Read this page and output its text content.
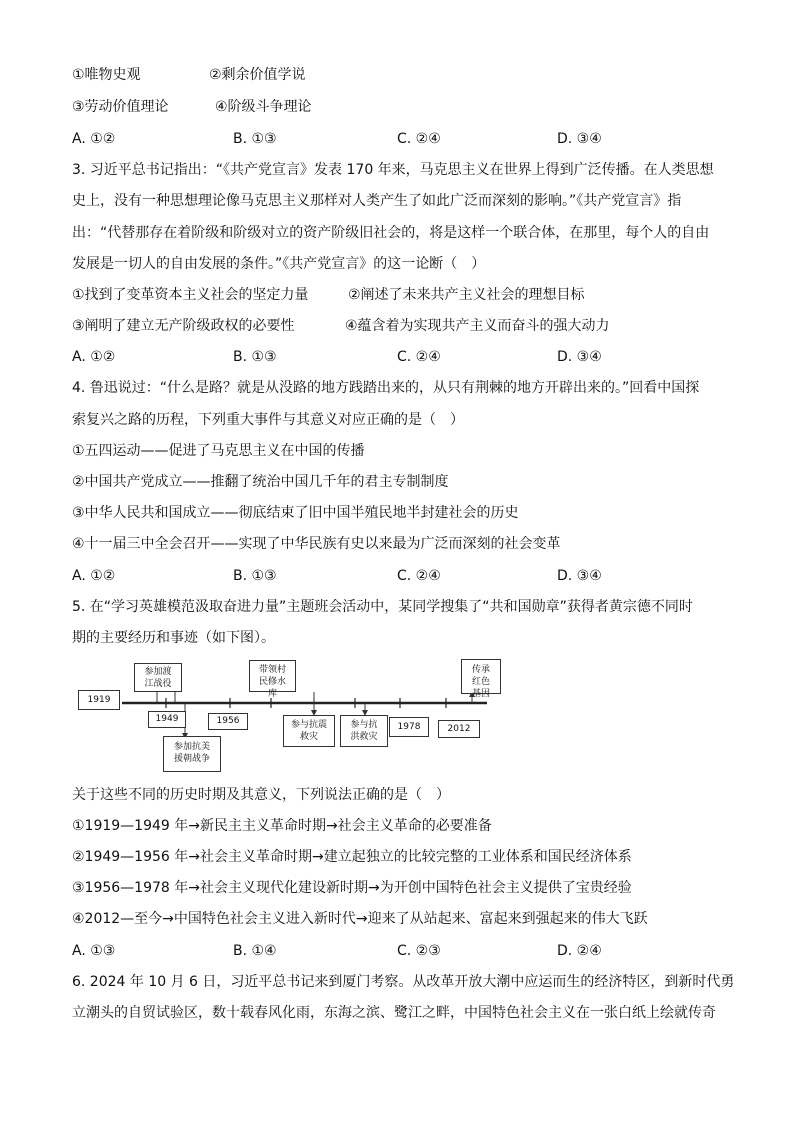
①唯物史观	②剩余价值学说
③劳动价值理论	④阶级斗争理论
A. ①②	B. ①③	C. ②④	D. ③④
3. 习近平总书记指出：“《共产党宣言》发表 170 年来，马克思主义在世界上得到广泛传播。在人类思想
史上，没有一种思想理论像马克思主义那样对人类产生了如此广泛而深刻的影响。”《共产党宣言》指
出：“代替那存在着阶级和阶级对立的资产阶级旧社会的，将是这样一个联合体，在那里，每个人的自由
发展是一切人的自由发展的条件。”《共产党宣言》的这一论断（　）
①找到了变革资本主义社会的坚定力量	②阐述了未来共产主义社会的理想目标
③阐明了建立无产阶级政权的必要性	④蕴含着为实现共产主义而奋斗的强大动力
A. ①②	B. ①③	C. ②④	D. ③④
4. 鲁迅说过：“什么是路？就是从没路的地方践踏出来的，从只有荆棘的地方开辟出来的。”回看中国探
索复兴之路的历程，下列重大事件与其意义对应正确的是（　）
①五四运动——促进了马克思主义在中国的传播
②中国共产党成立——推翻了统治中国几千年的君主专制制度
③中华人民共和国成立——彻底结束了旧中国半殖民地半封建社会的历史
④十一届三中全会召开——实现了中华民族有史以来最为广泛而深刻的社会变革
A. ①②	B. ①③	C. ②④	D. ③④
5. 在“学习英雄模范汲取奋进力量”主题班会活动中，某同学搜集了“共和国勋章”获得者黄宗德不同时
期的主要经历和事迹（如下图）。
1919
1949	1956
1978	2012
参加渡江战役
带领村民修水库
传承红色基因
参加抗美援朝战争
参与抗震救灾
参与抗洪救灾
关于这些不同的历史时期及其意义，下列说法正确的是（　）
①1919—1949 年→新民主主义革命时期→社会主义革命的必要准备
②1949—1956 年→社会主义革命时期→建立起独立的比较完整的工业体系和国民经济体系
③1956—1978 年→社会主义现代化建设新时期→为开创中国特色社会主义提供了宝贵经验
④2012—至今→中国特色社会主义进入新时代→迎来了从站起来、富起来到强起来的伟大飞跃
A. ①③	B. ①④	C. ②③	D. ②④
6. 2024 年 10 月 6 日，习近平总书记来到厦门考察。从改革开放大潮中应运而生的经济特区，到新时代勇
立潮头的自贸试验区，数十载春风化雨，东海之滨、鹭江之畔，中国特色社会主义在一张白纸上绘就传奇
